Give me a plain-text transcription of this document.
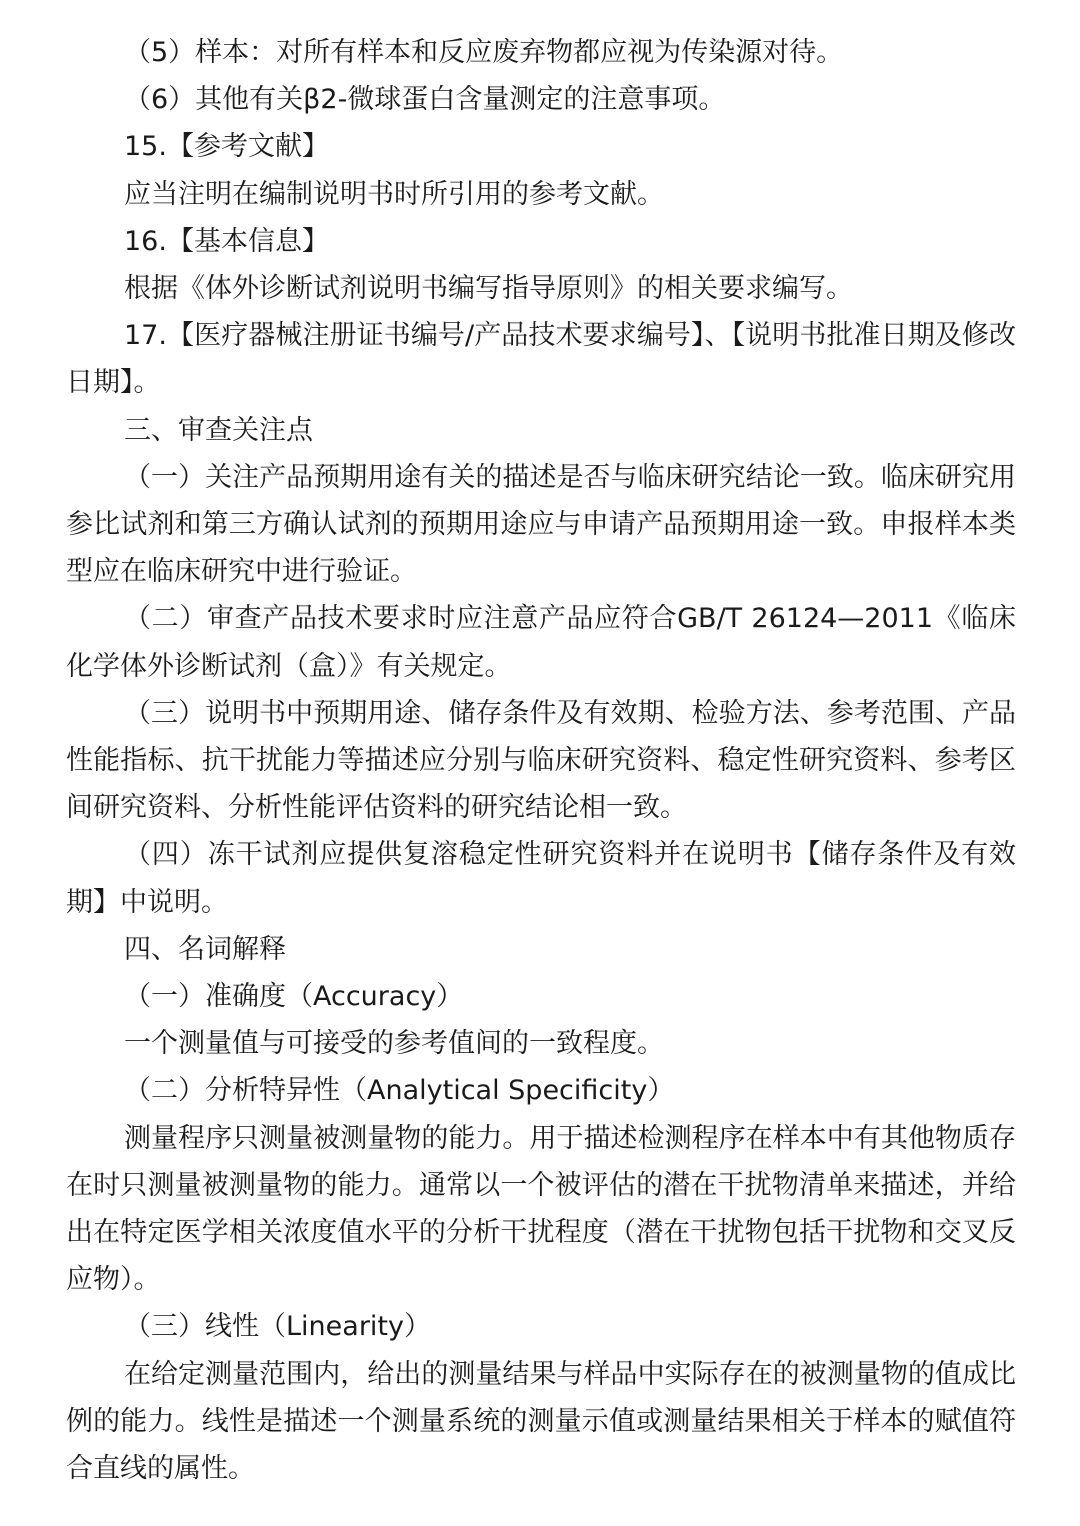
（5）样本：对所有样本和反应废弃物都应视为传染源对待。

（6）其他有关β2-微球蛋白含量测定的注意事项。

15.【参考文献】

应当注明在编制说明书时所引用的参考文献。

16.【基本信息】

根据《体外诊断试剂说明书编写指导原则》的相关要求编写。

17.【医疗器械注册证书编号/产品技术要求编号】、【说明书批准日期及修改日期】。

三、审查关注点

（一）关注产品预期用途有关的描述是否与临床研究结论一致。临床研究用参比试剂和第三方确认试剂的预期用途应与申请产品预期用途一致。申报样本类型应在临床研究中进行验证。

（二）审查产品技术要求时应注意产品应符合GB/T 26124—2011《临床化学体外诊断试剂（盒）》有关规定。

（三）说明书中预期用途、储存条件及有效期、检验方法、参考范围、产品性能指标、抗干扰能力等描述应分别与临床研究资料、稳定性研究资料、参考区间研究资料、分析性能评估资料的研究结论相一致。

（四）冻干试剂应提供复溶稳定性研究资料并在说明书【储存条件及有效期】中说明。

四、名词解释

（一）准确度（Accuracy）

一个测量值与可接受的参考值间的一致程度。

（二）分析特异性（Analytical Specificity）

测量程序只测量被测量物的能力。用于描述检测程序在样本中有其他物质存在时只测量被测量物的能力。通常以一个被评估的潜在干扰物清单来描述，并给出在特定医学相关浓度值水平的分析干扰程度（潜在干扰物包括干扰物和交叉反应物）。

（三）线性（Linearity）

在给定测量范围内，给出的测量结果与样品中实际存在的被测量物的值成比例的能力。线性是描述一个测量系统的测量示值或测量结果相关于样本的赋值符合直线的属性。
